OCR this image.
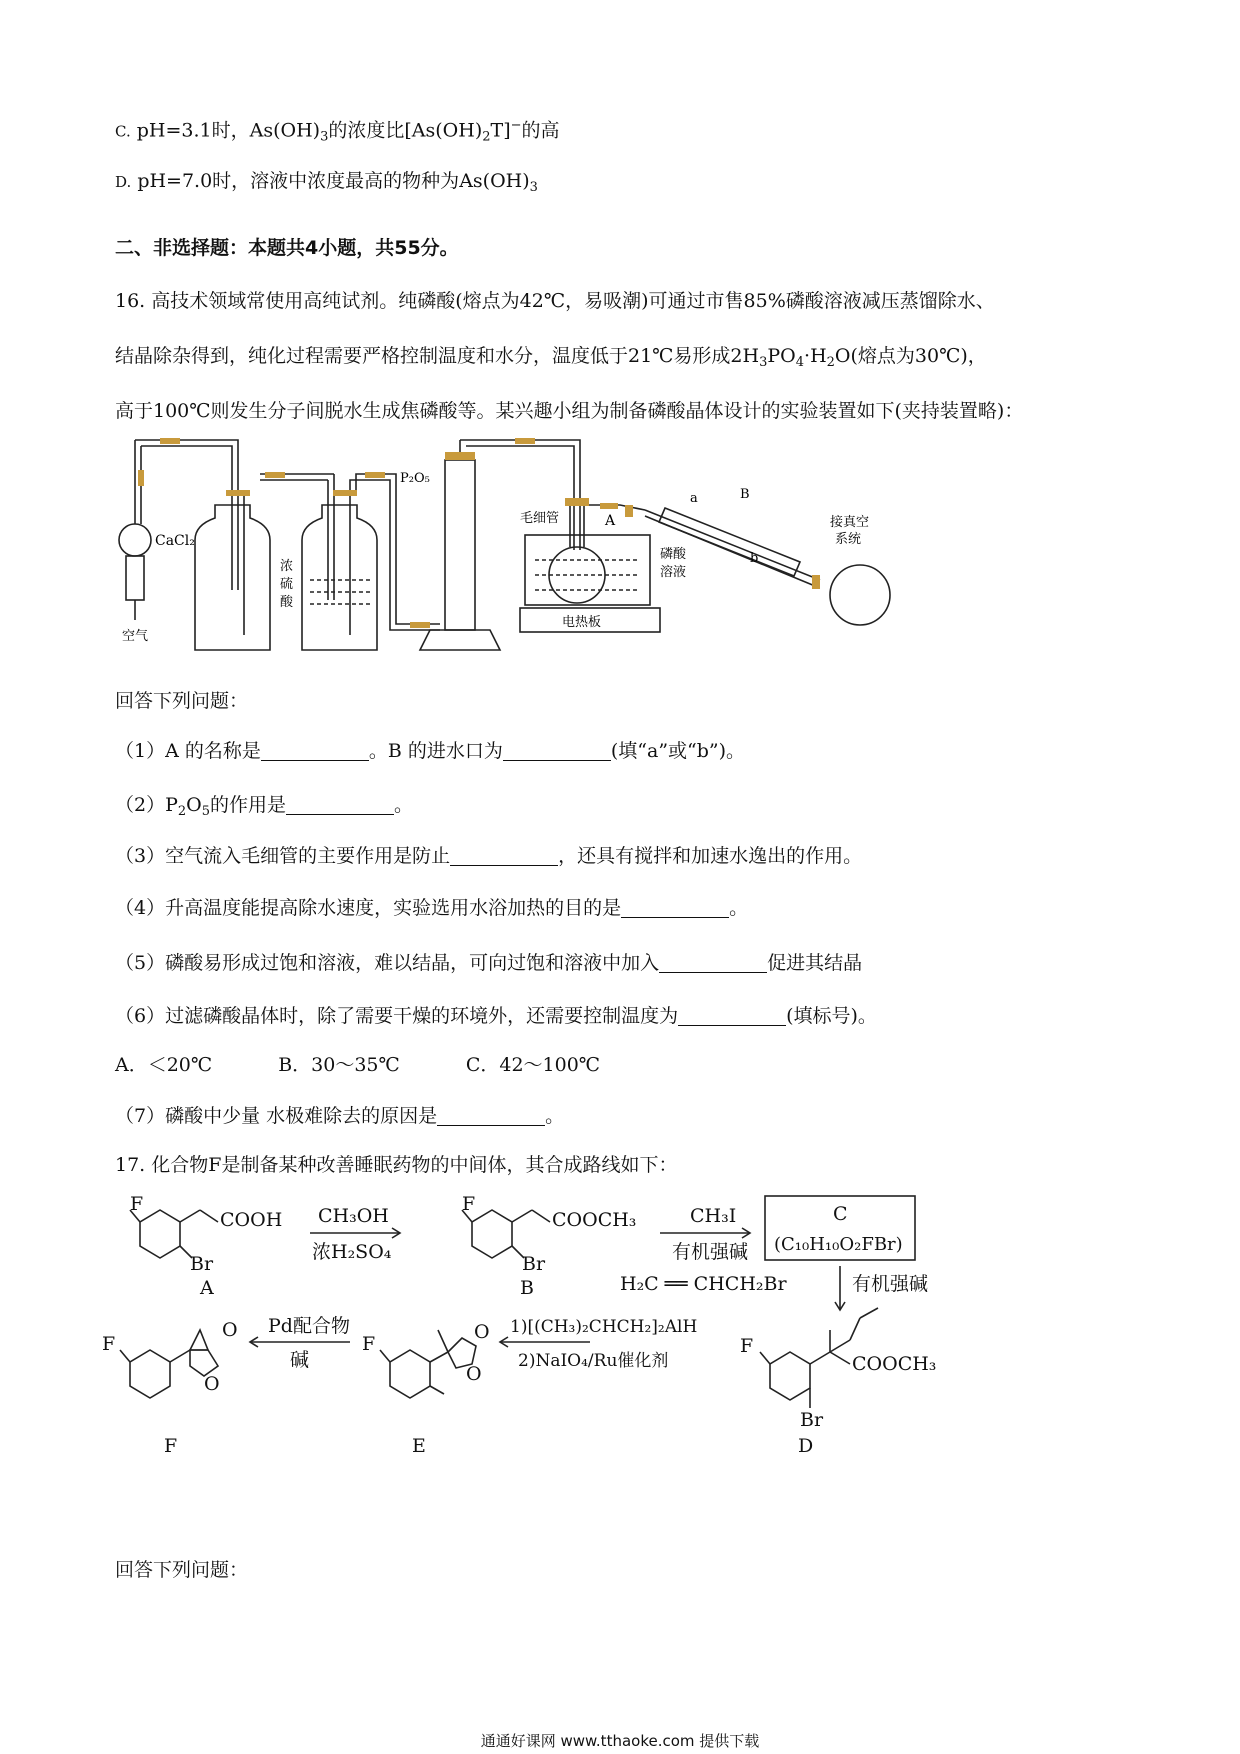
C. pH=3.1时，$As(OH)_3$的浓度比$[As(OH)_2T]^-$的高
D. pH=7.0时，溶液中浓度最高的物种为$As(OH)_3$
二、非选择题：本题共4小题，共55分。
16. 高技术领域常使用高纯试剂。纯磷酸(熔点为42℃，易吸潮)可通过市售85%磷酸溶液减压蒸馏除水、
结晶除杂得到，纯化过程需要严格控制温度和水分，温度低于21℃易形成$2H_3PO_4\cdot H_2O$(熔点为30℃)，
高于100℃则发生分子间脱水生成焦磷酸等。某兴趣小组为制备磷酸晶体设计的实验装置如下(夹持装置略)：
CaCl₂
空气
浓
硫
酸
P₂O₅
毛细管	A
a	B
b
磷酸
溶液
电热板
接真空
系统
回答下列问题：
（1）A 的名称是	。B 的进水口为	(填“a”或“b”)。
$(2)P_2O_5$的作用是	。
（3）空气流入毛细管的主要作用是防止	，还具有搅拌和加速水逸出的作用。
（4）升高温度能提高除水速度，实验选用水浴加热的目的是	。
（5）磷酸易形成过饱和溶液，难以结晶，可向过饱和溶液中加入	促进其结晶
（6）过滤磷酸晶体时，除了需要干燥的环境外，还需要控制温度为	(填标号)。
A．＜20℃	B．30～35℃	C．42～100℃
（7）磷酸中少量 水极难除去的原因是	。
17. 化合物F是制备某种改善睡眠药物的中间体，其合成路线如下：
F
COOH
Br
A
CH₃OH
浓H₂SO₄
F
COOCH₃
Br
B
CH₃I
有机强碱
C
(C₁₀H₁₀O₂FBr)
H₂C ══ CHCH₂Br	有机强碱
F
COOCH₃
Br
D
1)[(CH₃)₂CHCH₂]₂AlH
2)NaIO₄/Ru催化剂
F
O
O
E
Pd配合物
碱
F
O
O
F
回答下列问题：
通通好课网 www.tthaoke.com 提供下载
